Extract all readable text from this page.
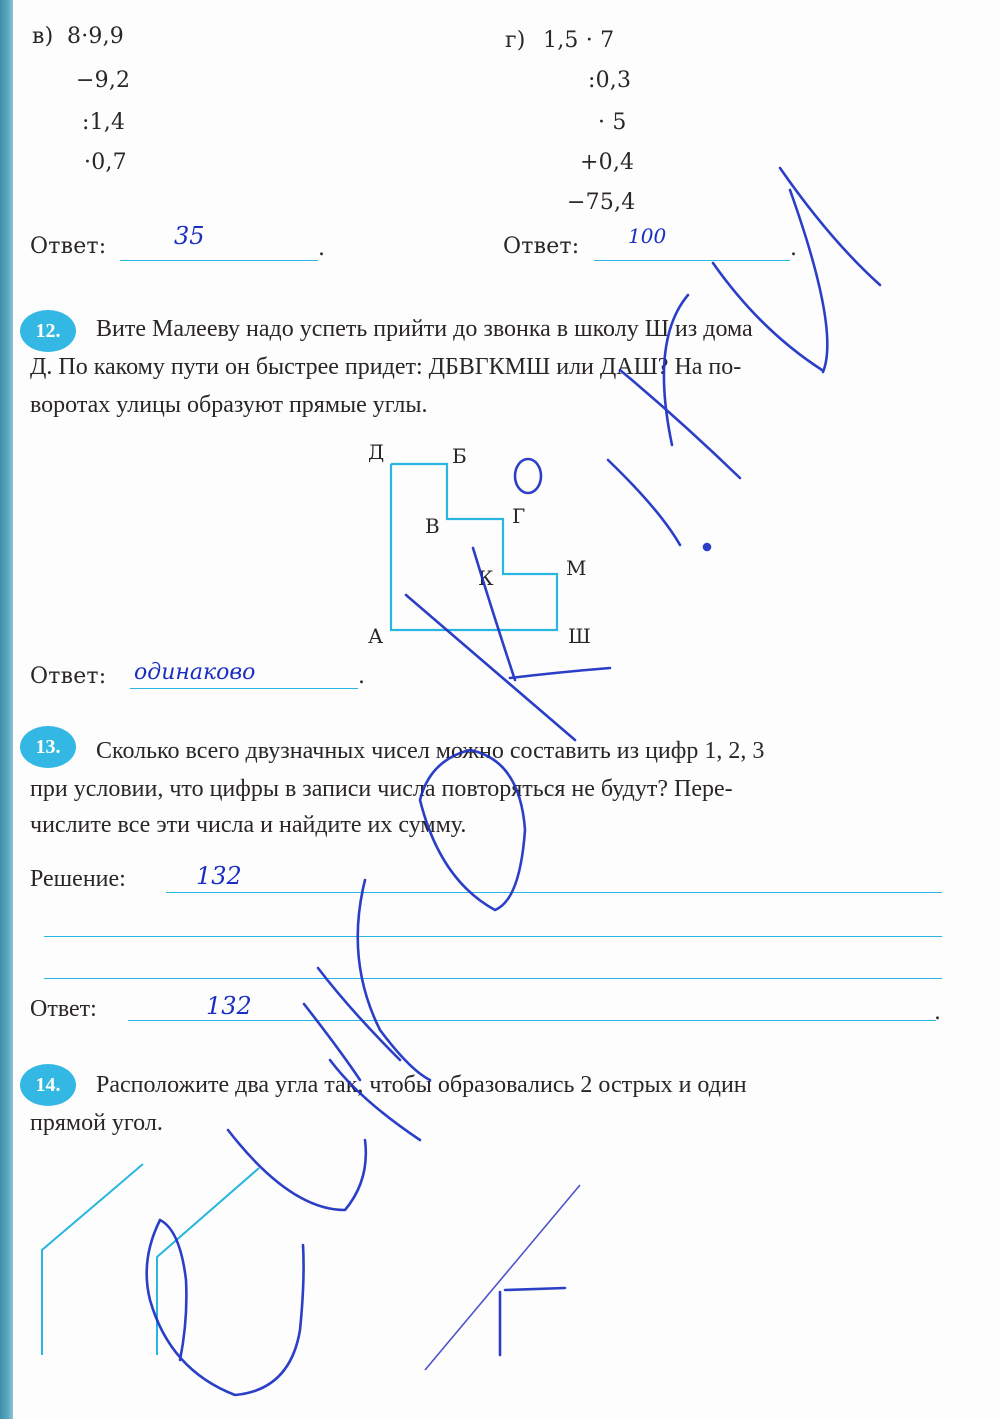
в) 8·9,9
−9,2
:1,4
·0,7
Ответ:	35	.
г) 1,5 · 7
:0,3
· 5
+0,4
−75,4
Ответ: 100	.
12.	Вите Малееву надо успеть прийти до звонка в школу Ш из дома
Д. По какому пути он быстрее придет: ДБВГКМШ или ДАШ? На по-
воротах улицы образуют прямые углы.
Д	Б
В	Г
К	М
А	Ш
Ответ: одинаково	.
13.	Сколько всего двузначных чисел можно составить из цифр 1, 2, 3
при условии, что цифры в записи числа повторяться не будут? Пере-
числите все эти числа и найдите их сумму.
Решение:	132
Ответ:	132	.
14.	Расположите два угла так, чтобы образовались 2 острых и один
прямой угол.
